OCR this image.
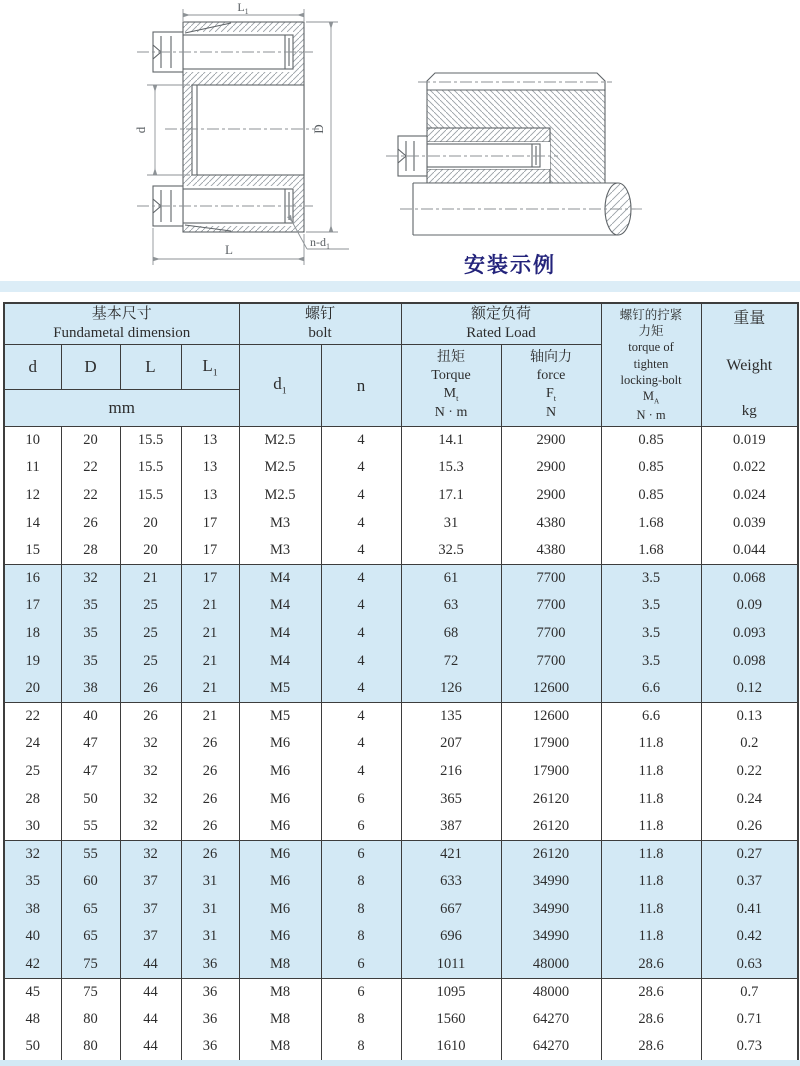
$L_1$
d	D
L	$n-d_1$
安装示例
基本尺寸
Fundametal dimension

螺钉
bolt

额定负荷
Rated Load

螺钉的拧紧
力矩
torque of
tighten
locking-bolt
$M_A$
N · m

重量
Weight
kg

d	D	L	$L_1$	$d_1$	n	
扭矩
Torque
$M_t$
N · m

轴向力
force
$F_t$
N

mm									
10	20	15.5	13	M2.5	4	14.1	2900	0.85	0.019
11	22	15.5	13	M2.5	4	15.3	2900	0.85	0.022
12	22	15.5	13	M2.5	4	17.1	2900	0.85	0.024
14	26	20	17	M3	4	31	4380	1.68	0.039
15	28	20	17	M3	4	32.5	4380	1.68	0.044
16	32	21	17	M4	4	61	7700	3.5	0.068
17	35	25	21	M4	4	63	7700	3.5	0.09
18	35	25	21	M4	4	68	7700	3.5	0.093
19	35	25	21	M4	4	72	7700	3.5	0.098
20	38	26	21	M5	4	126	12600	6.6	0.12
22	40	26	21	M5	4	135	12600	6.6	0.13
24	47	32	26	M6	4	207	17900	11.8	0.2
25	47	32	26	M6	4	216	17900	11.8	0.22
28	50	32	26	M6	6	365	26120	11.8	0.24
30	55	32	26	M6	6	387	26120	11.8	0.26
32	55	32	26	M6	6	421	26120	11.8	0.27
35	60	37	31	M6	8	633	34990	11.8	0.37
38	65	37	31	M6	8	667	34990	11.8	0.41
40	65	37	31	M6	8	696	34990	11.8	0.42
42	75	44	36	M8	6	1011	48000	28.6	0.63
45	75	44	36	M8	6	1095	48000	28.6	0.7
48	80	44	36	M8	8	1560	64270	28.6	0.71
50	80	44	36	M8	8	1610	64270	28.6	0.73
